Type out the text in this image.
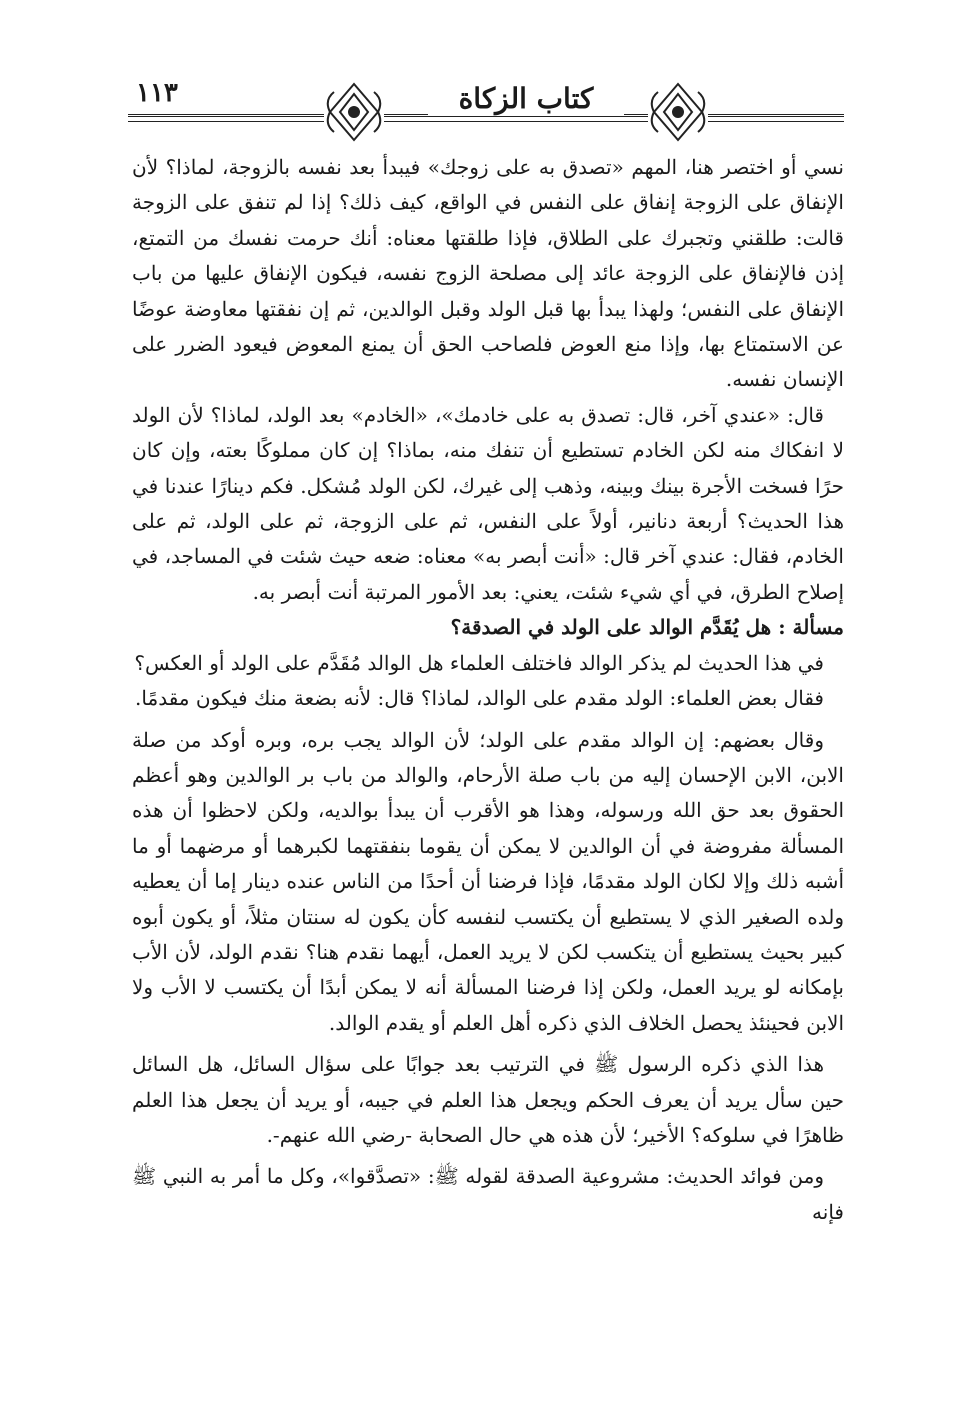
١١٣	كتاب الزكاة

نسي أو اختصر هنا، المهم «تصدق به على زوجك» فيبدأ بعد نفسه بالزوجة، لماذا؟ لأن الإنفاق على الزوجة إنفاق على النفس في الواقع، كيف ذلك؟ إذا لم تنفق على الزوجة قالت: طلقني وتجبرك على الطلاق، فإذا طلقتها معناه: أنك حرمت نفسك من التمتع، إذن فالإنفاق على الزوجة عائد إلى مصلحة الزوج نفسه، فيكون الإنفاق عليها من باب الإنفاق على النفس؛ ولهذا يبدأ بها قبل الولد وقبل الوالدين، ثم إن نفقتها معاوضة عوضًا عن الاستمتاع بها، وإذا منع العوض فلصاحب الحق أن يمنع المعوض فيعود الضرر على الإنسان نفسه.

قال: «عندي آخر، قال: تصدق به على خادمك»، «الخادم» بعد الولد، لماذا؟ لأن الولد لا انفكاك منه لكن الخادم تستطيع أن تنفك منه، بماذا؟ إن كان مملوكًا بعته، وإن كان حرًا فسخت الأجرة بينك وبينه، وذهب إلى غيرك، لكن الولد مُشكل. فكم دينارًا عندنا في هذا الحديث؟ أربعة دنانير، أولاً على النفس، ثم على الزوجة، ثم على الولد، ثم على الخادم، فقال: عندي آخر قال: «أنت أبصر به» معناه: ضعه حيث شئت في المساجد، في إصلاح الطرق، في أي شيء شئت، يعني: بعد الأمور المرتبة أنت أبصر به.

مسألة : هل يُقَدَّم الوالد على الولد في الصدقة؟

في هذا الحديث لم يذكر الوالد فاختلف العلماء هل الوالد مُقَدَّم على الولد أو العكس؟

فقال بعض العلماء: الولد مقدم على الوالد، لماذا؟ قال: لأنه بضعة منك فيكون مقدمًا.

وقال بعضهم: إن الوالد مقدم على الولد؛ لأن الوالد يجب بره، وبره أوكد من صلة الابن، الابن الإحسان إليه من باب صلة الأرحام، والوالد من باب بر الوالدين وهو أعظم الحقوق بعد حق الله ورسوله، وهذا هو الأقرب أن يبدأ بوالديه، ولكن لاحظوا أن هذه المسألة مفروضة في أن الوالدين لا يمكن أن يقوما بنفقتهما لكبرهما أو مرضهما أو ما أشبه ذلك وإلا لكان الولد مقدمًا، فإذا فرضنا أن أحدًا من الناس عنده دينار إما أن يعطيه ولده الصغير الذي لا يستطيع أن يكتسب لنفسه كأن يكون له سنتان مثلاً، أو يكون أبوه كبير بحيث يستطيع أن يتكسب لكن لا يريد العمل، أيهما نقدم هنا؟ نقدم الولد، لأن الأب بإمكانه لو يريد العمل، ولكن إذا فرضنا المسألة أنه لا يمكن أبدًا أن يكتسب لا الأب ولا الابن فحينئذ يحصل الخلاف الذي ذكره أهل العلم أو يقدم الوالد.

هذا الذي ذكره الرسول ﷺ في الترتيب بعد جوابًا على سؤال السائل، هل السائل حين سأل يريد أن يعرف الحكم ويجعل هذا العلم في جيبه، أو يريد أن يجعل هذا العلم ظاهرًا في سلوكه؟ الأخير؛ لأن هذه هي حال الصحابة -رضي الله عنهم-.

ومن فوائد الحديث: مشروعية الصدقة لقوله ﷺ: «تصدَّقوا»، وكل ما أمر به النبي ﷺ فإنه
